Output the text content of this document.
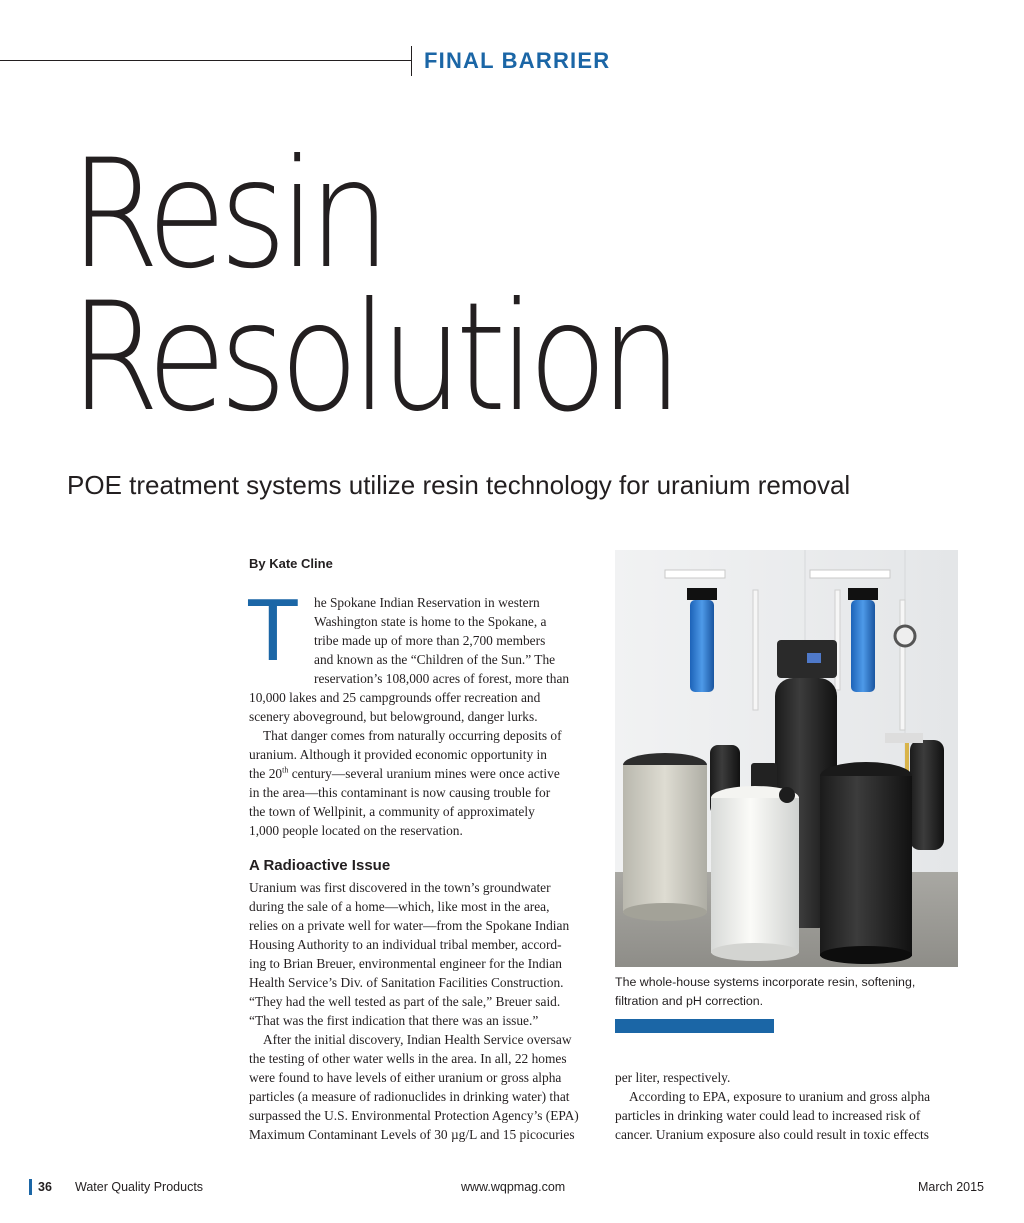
FINAL BARRIER
Resin
Resolution
POE treatment systems utilize resin technology for uranium removal
By Kate Cline
T he Spokane Indian Reservation in western
Washington state is home to the Spokane, a
tribe made up of more than 2,700 members
and known as the “Children of the Sun.” The
reservation’s 108,000 acres of forest, more than
10,000 lakes and 25 campgrounds offer recreation and
scenery aboveground, but belowground, danger lurks.
That danger comes from naturally occurring deposits of
uranium. Although it provided economic opportunity in
the 20th century—several uranium mines were once active
in the area—this contaminant is now causing trouble for
the town of Wellpinit, a community of approximately
1,000 people located on the reservation.
A Radioactive Issue
Uranium was first discovered in the town’s groundwater
during the sale of a home—which, like most in the area,
relies on a private well for water—from the Spokane Indian
Housing Authority to an individual tribal member, accord-
ing to Brian Breuer, environmental engineer for the Indian
Health Service’s Div. of Sanitation Facilities Construction.
“They had the well tested as part of the sale,” Breuer said.
“That was the first indication that there was an issue.”
After the initial discovery, Indian Health Service oversaw
the testing of other water wells in the area. In all, 22 homes
were found to have levels of either uranium or gross alpha
particles (a measure of radionuclides in drinking water) that
surpassed the U.S. Environmental Protection Agency’s (EPA)
Maximum Contaminant Levels of 30 µg/L and 15 picocuries
The whole-house systems incorporate resin, softening,
filtration and pH correction.
per liter, respectively.
According to EPA, exposure to uranium and gross alpha
particles in drinking water could lead to increased risk of
cancer. Uranium exposure also could result in toxic effects
36 Water Quality Products	www.wqpmag.com	March 2015
